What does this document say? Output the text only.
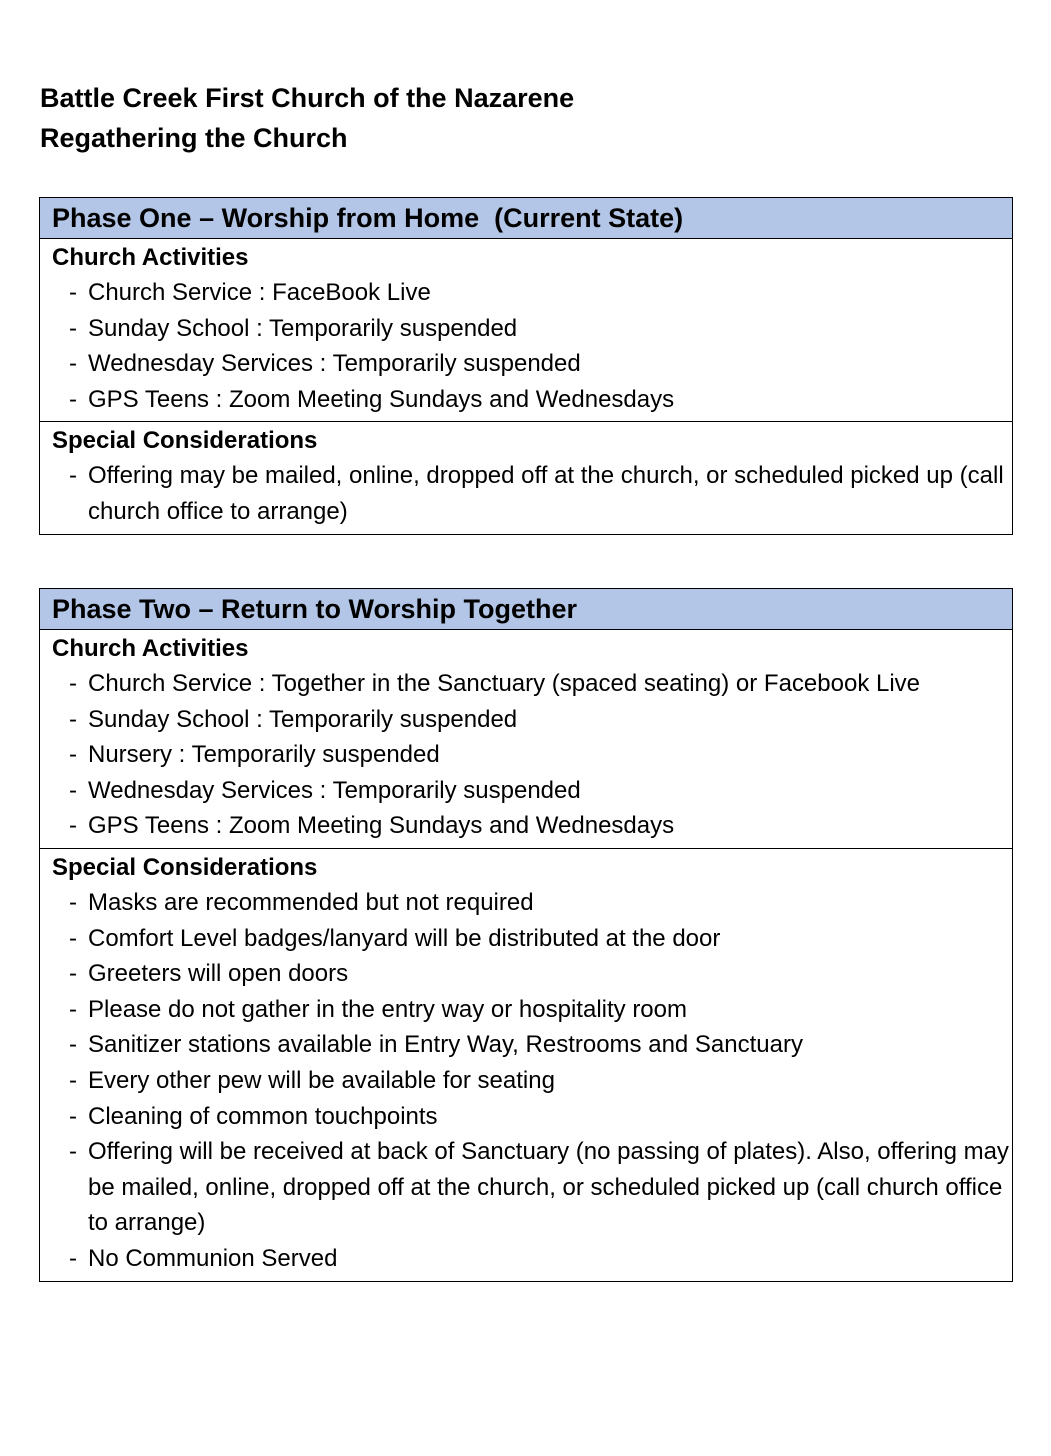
Battle Creek First Church of the Nazarene
Regathering the Church
Phase One – Worship from Home  (Current State)
Church Activities
- Church Service : FaceBook Live
- Sunday School : Temporarily suspended
- Wednesday Services : Temporarily suspended
- GPS Teens : Zoom Meeting Sundays and Wednesdays
Special Considerations
- Offering may be mailed, online, dropped off at the church, or scheduled picked up (call church office to arrange)
Phase Two – Return to Worship Together
Church Activities
- Church Service : Together in the Sanctuary (spaced seating) or Facebook Live
- Sunday School : Temporarily suspended
- Nursery : Temporarily suspended
- Wednesday Services : Temporarily suspended
- GPS Teens : Zoom Meeting Sundays and Wednesdays
Special Considerations
- Masks are recommended but not required
- Comfort Level badges/lanyard will be distributed at the door
- Greeters will open doors
- Please do not gather in the entry way or hospitality room
- Sanitizer stations available in Entry Way, Restrooms and Sanctuary
- Every other pew will be available for seating
- Cleaning of common touchpoints
- Offering will be received at back of Sanctuary (no passing of plates). Also, offering may be mailed, online, dropped off at the church, or scheduled picked up (call church office to arrange)
- No Communion Served
